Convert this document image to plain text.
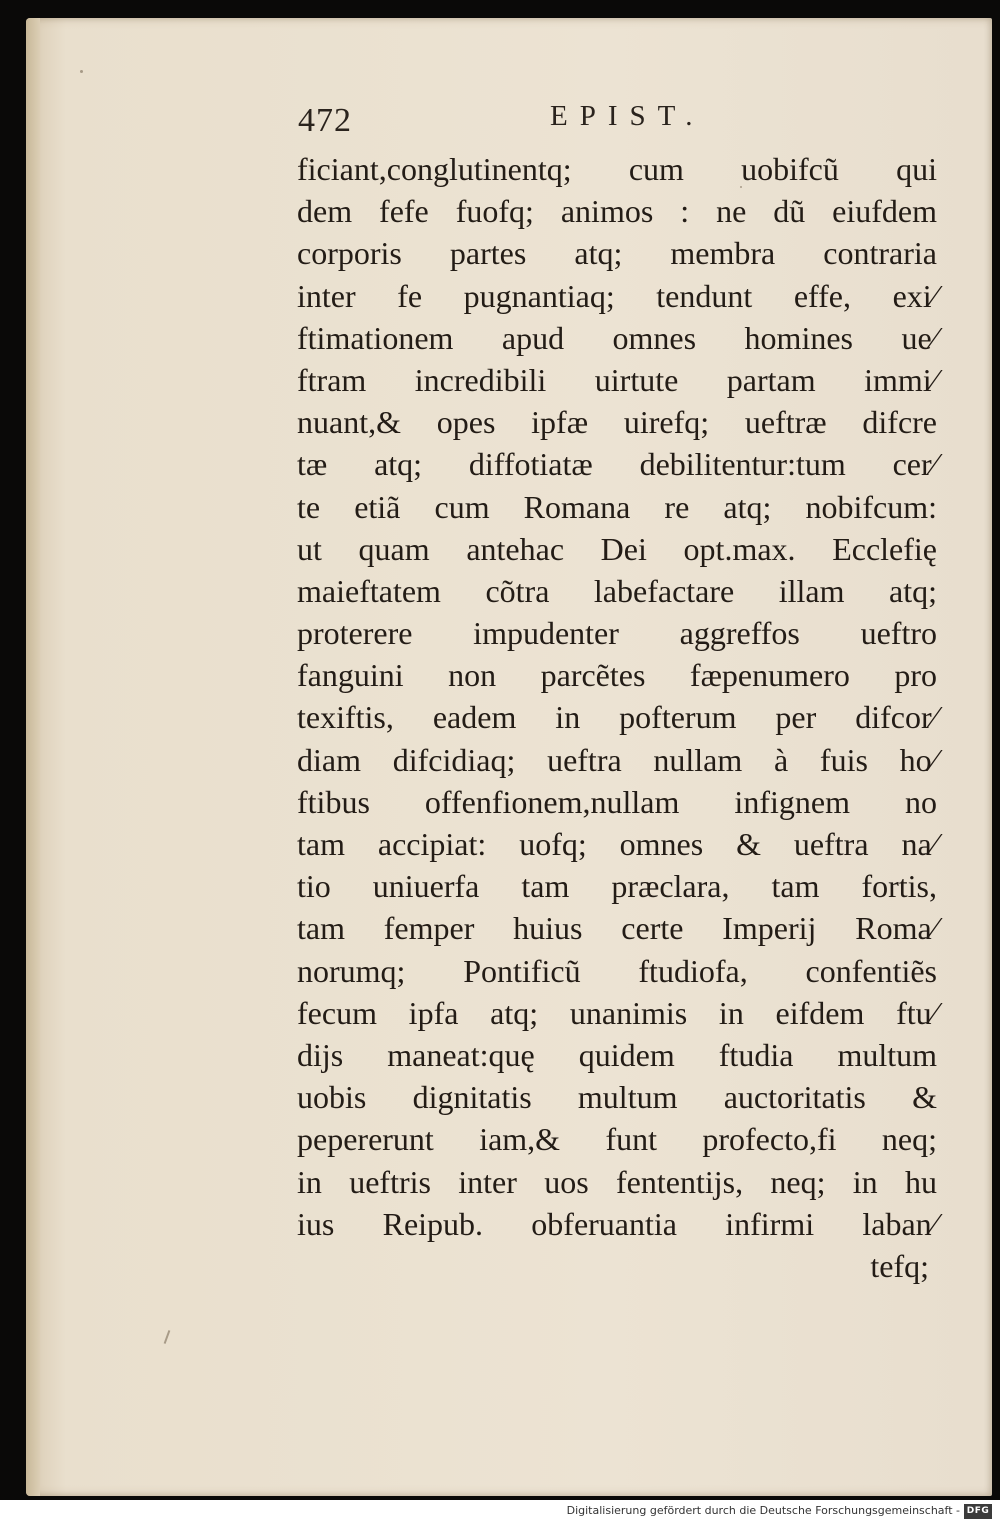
472	EPIST.
ficiant,conglutinentq; cum uobifcũ qui
dem fefe fuofq; animos : ne dũ eiufdem
corporis partes atq; membra contraria
inter fe pugnantiaq; tendunt effe, exi⁄
ftimationem apud omnes homines ue⁄
ftram incredibili uirtute partam immi⁄
nuant,& opes ipfæ uirefq; ueftræ difcre
tæ atq; diffotiatæ debilitentur:tum cer⁄
te etiã cum Romana re atq; nobifcum:
ut quam antehac Dei opt.max. Ecclefię
maieftatem cõtra labefactare illam atq;
proterere impudenter aggreffos ueftro
fanguini non parcẽtes fæpenumero pro
texiftis, eadem in pofterum per difcor⁄
diam difcidiaq; ueftra nullam à fuis ho⁄
ftibus offenfionem,nullam infignem no
tam accipiat: uofq; omnes & ueftra na⁄
tio uniuerfa tam præclara, tam fortis,
tam femper huius certe Imperij Roma⁄
norumq; Pontificũ ftudiofa, confentiẽs
fecum ipfa atq; unanimis in eifdem ftu⁄
dijs maneat:quę quidem ftudia multum
uobis dignitatis multum auctoritatis &
pepererunt iam,& funt profecto,fi neq;
in ueftris inter uos fententijs, neq; in hu
ius Reipub. obferuantia infirmi laban⁄
tefq;
Digitalisierung gefördert durch die Deutsche Forschungsgemeinschaft - DFG
